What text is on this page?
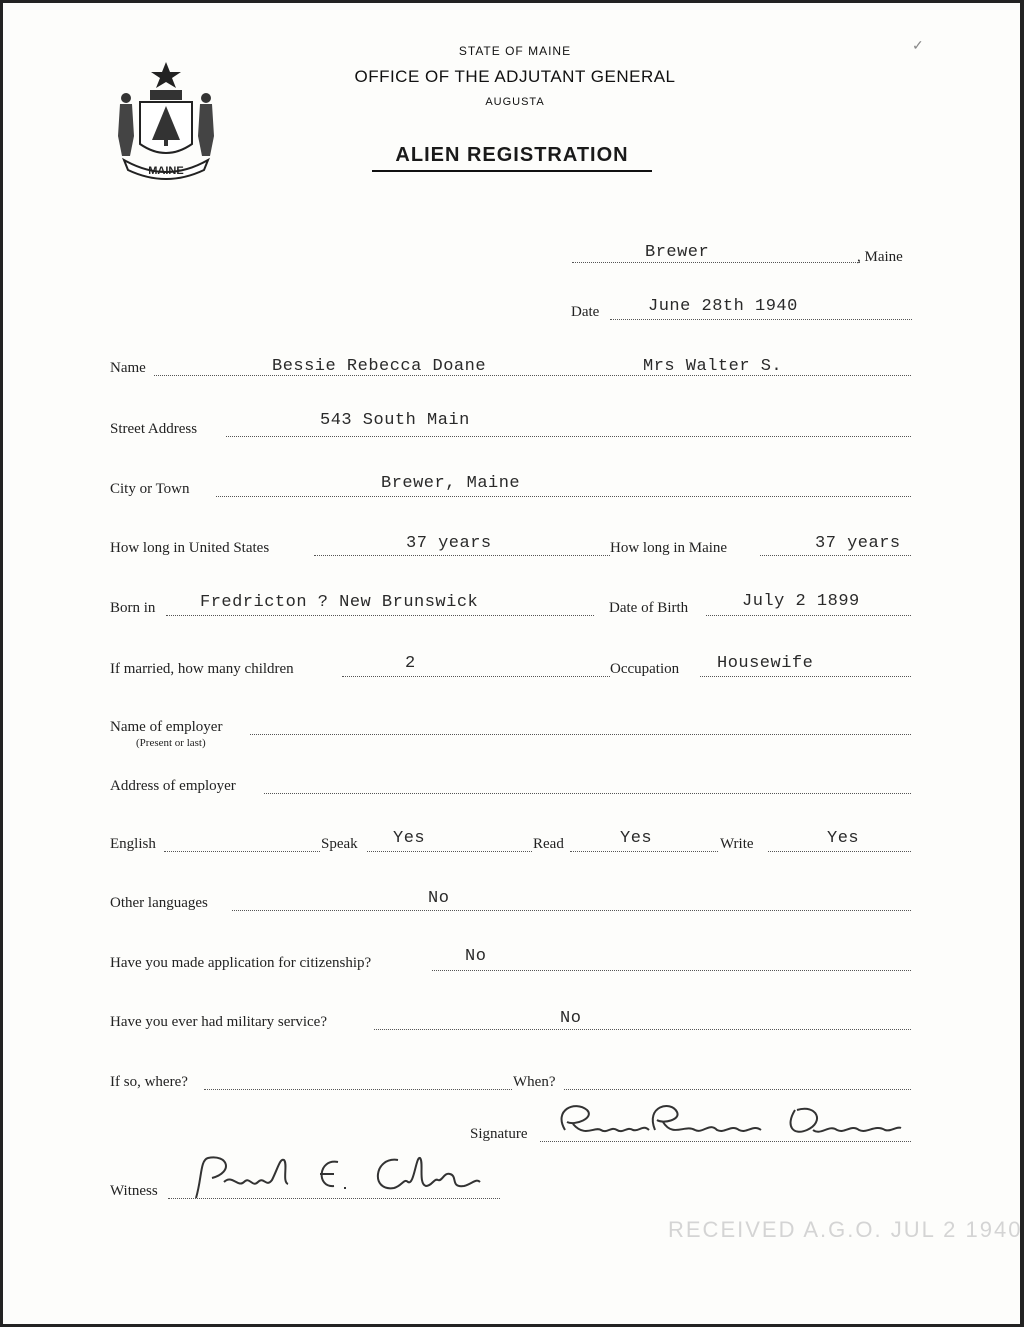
✓
MAINE
STATE OF MAINE
OFFICE OF THE ADJUTANT GENERAL
AUGUSTA
ALIEN REGISTRATION
Brewer	, Maine
Date	June 28th 1940
Name	Bessie Rebecca Doane	Mrs Walter S.
Street Address	543 South Main
City or Town	Brewer, Maine
How long in United States	37 years	How long in Maine	37 years
Born in	Fredricton ? New Brunswick	Date of Birth	July 2 1899
If married, how many children	2	Occupation Housewife
Name of employer
(Present or last)
Address of employer
English	Speak Yes	Read	Yes	Write	Yes
Other languages	No
Have you made application for citizenship?	No
Have you ever had military service?	No
If so, where?	When?
Signature
Witness
RECEIVED A.G.O. JUL 2 1940
